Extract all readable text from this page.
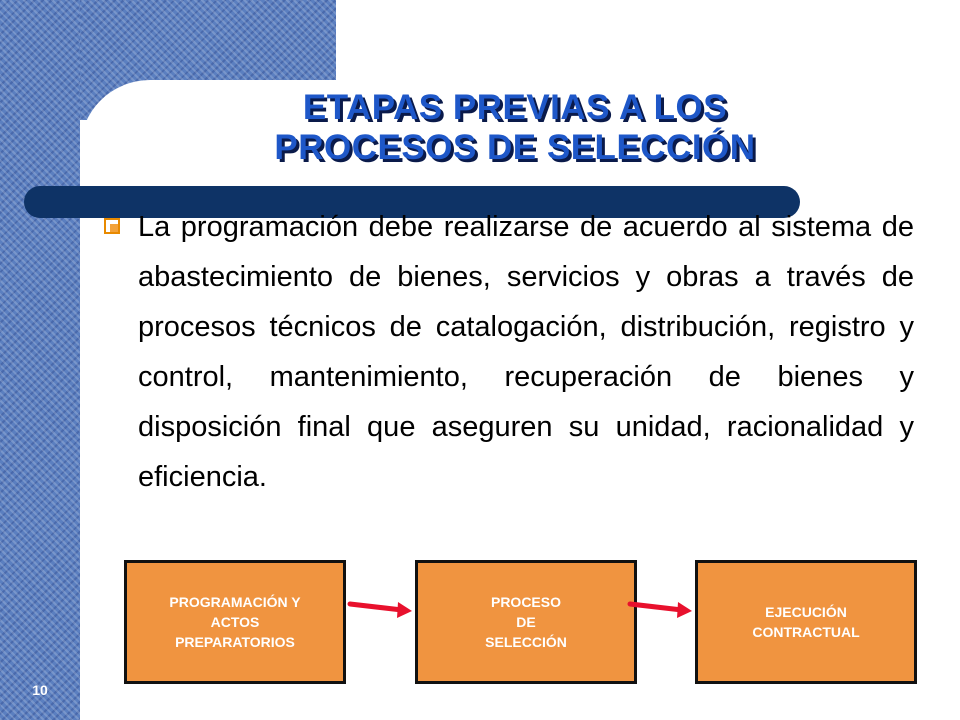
ETAPAS PREVIAS A LOS
PROCESOS DE SELECCIÓN
La programación debe realizarse de acuerdo al sistema de abastecimiento de bienes, servicios y obras a través de procesos técnicos de catalogación, distribución, registro y control, mantenimiento, recuperación de bienes y disposición final que aseguren su unidad, racionalidad y eficiencia.
PROGRAMACIÓN Y
ACTOS
PREPARATORIOS
PROCESO
DE
SELECCIÓN
EJECUCIÓN
CONTRACTUAL
10
